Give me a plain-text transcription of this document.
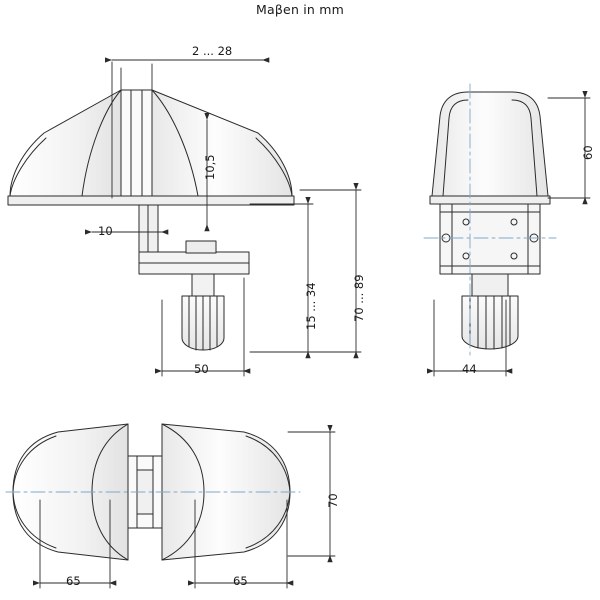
Maβen in mm
2 ... 28
10,5
10
15 ... 34	70 ... 89
50
60
44
70
65	65
